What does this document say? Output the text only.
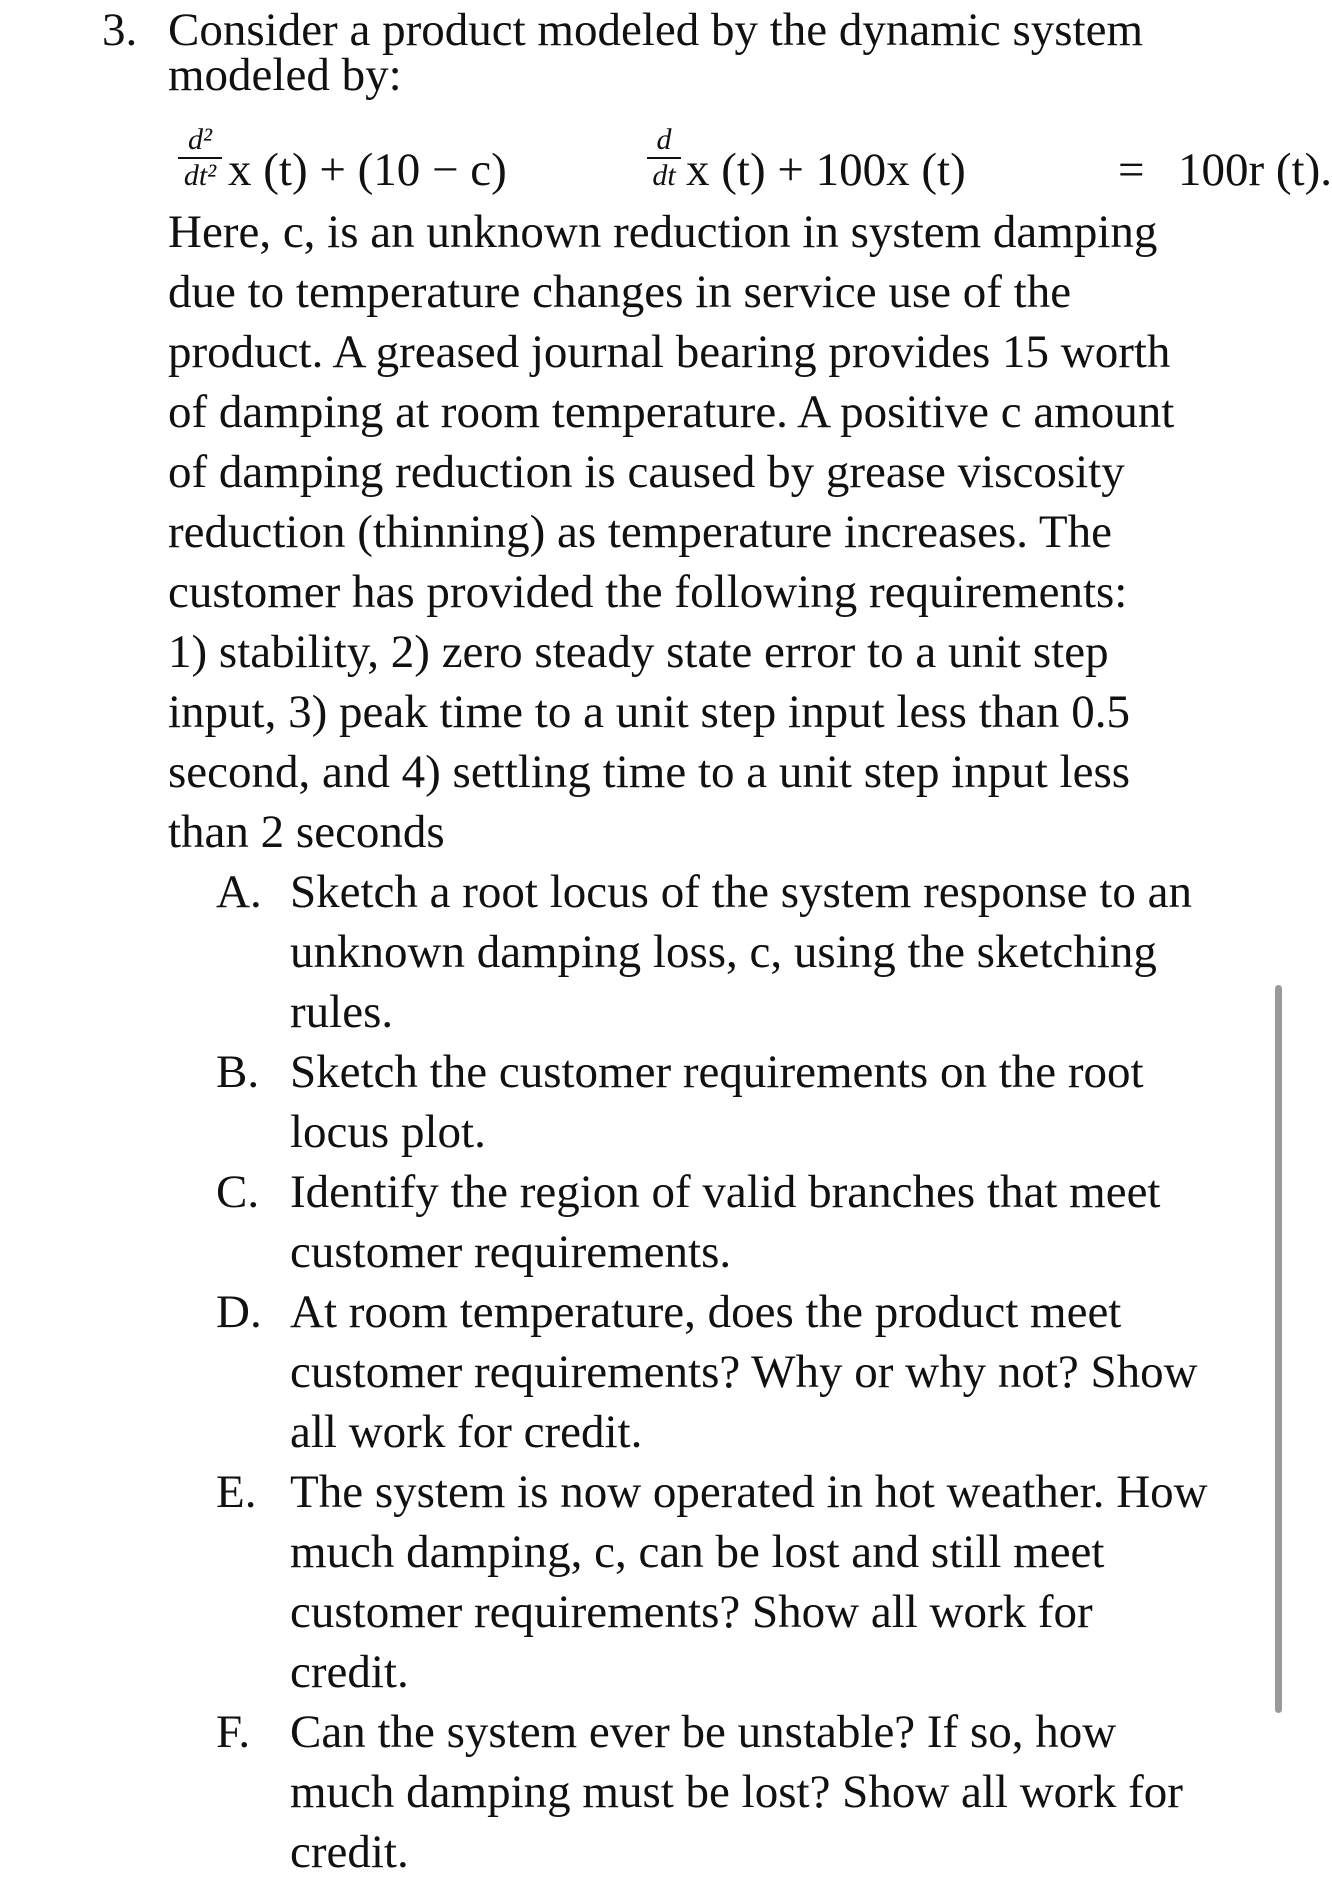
3. Consider a product modeled by the dynamic system
modeled by:
d²
dt² x (t) + (10 − c)
d
dt x (t) + 100x (t)	= 100r (t).
Here, c, is an unknown reduction in system damping
due to temperature changes in service use of the
product. A greased journal bearing provides 15 worth
of damping at room temperature. A positive c amount
of damping reduction is caused by grease viscosity
reduction (thinning) as temperature increases. The
customer has provided the following requirements:
1) stability, 2) zero steady state error to a unit step
input, 3) peak time to a unit step input less than 0.5
second, and 4) settling time to a unit step input less
than 2 seconds
A. Sketch a root locus of the system response to an
unknown damping loss, c, using the sketching
rules.
B. Sketch the customer requirements on the root
locus plot.
C. Identify the region of valid branches that meet
customer requirements.
D. At room temperature, does the product meet
customer requirements? Why or why not? Show
all work for credit.
E. The system is now operated in hot weather. How
much damping, c, can be lost and still meet
customer requirements? Show all work for
credit.
F. Can the system ever be unstable? If so, how
much damping must be lost? Show all work for
credit.
